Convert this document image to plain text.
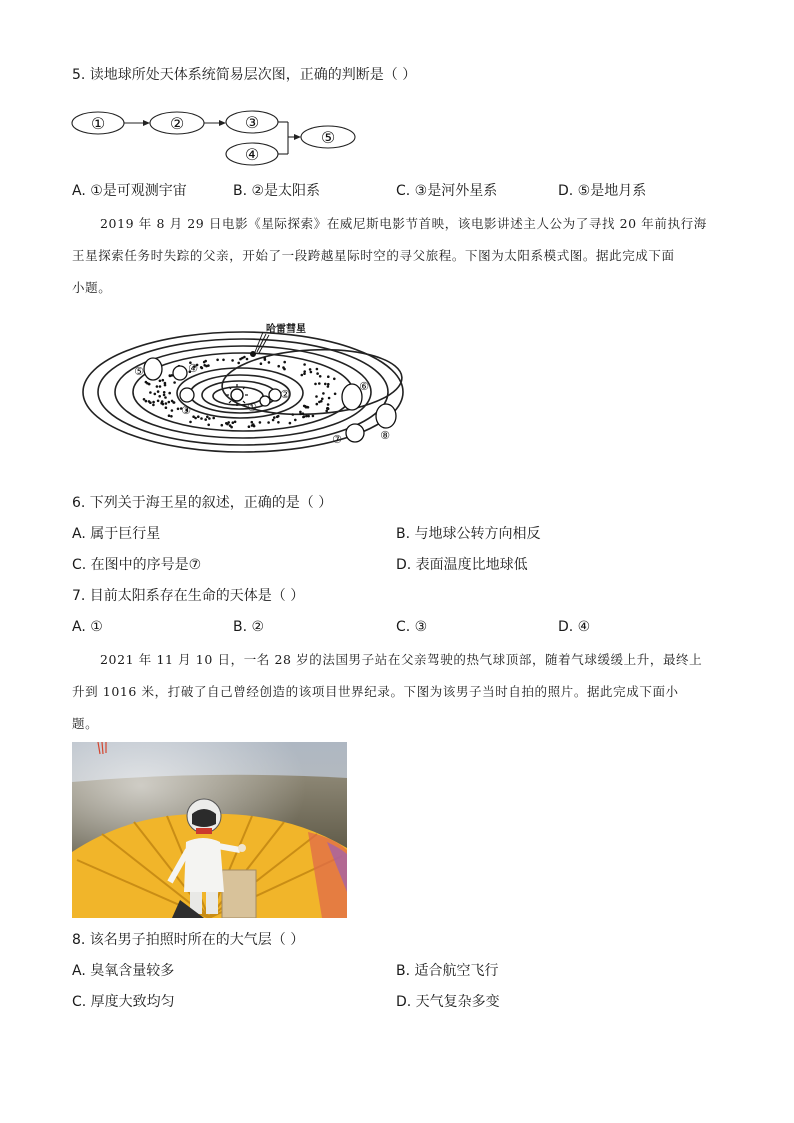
5. 读地球所处天体系统简易层次图，正确的判断是（ ）
①	②	③
④
⑤
A. ①是可观测宇宙	B. ②是太阳系	C. ③是河外星系	D. ⑤是地月系
2019 年 8 月 29 日电影《星际探索》在威尼斯电影节首映，该电影讲述主人公为了寻找 20 年前执行海
王星探索任务时失踪的父亲，开始了一段跨越星际时空的寻父旅程。下图为太阳系模式图。据此完成下面
小题。
哈雷彗星
①
②
③
④
⑤
⑥
⑦	⑧
6. 下列关于海王星的叙述，正确的是（ ）
A. 属于巨行星	B. 与地球公转方向相反
C. 在图中的序号是⑦	D. 表面温度比地球低
7. 目前太阳系存在生命的天体是（ ）
A. ①	B. ②	C. ③	D. ④
2021 年 11 月 10 日，一名 28 岁的法国男子站在父亲驾驶的热气球顶部，随着气球缓缓上升，最终上
升到 1016 米，打破了自己曾经创造的该项目世界纪录。下图为该男子当时自拍的照片。据此完成下面小
题。
8. 该名男子拍照时所在的大气层（ ）
A. 臭氧含量较多	B. 适合航空飞行
C. 厚度大致均匀	D. 天气复杂多变
